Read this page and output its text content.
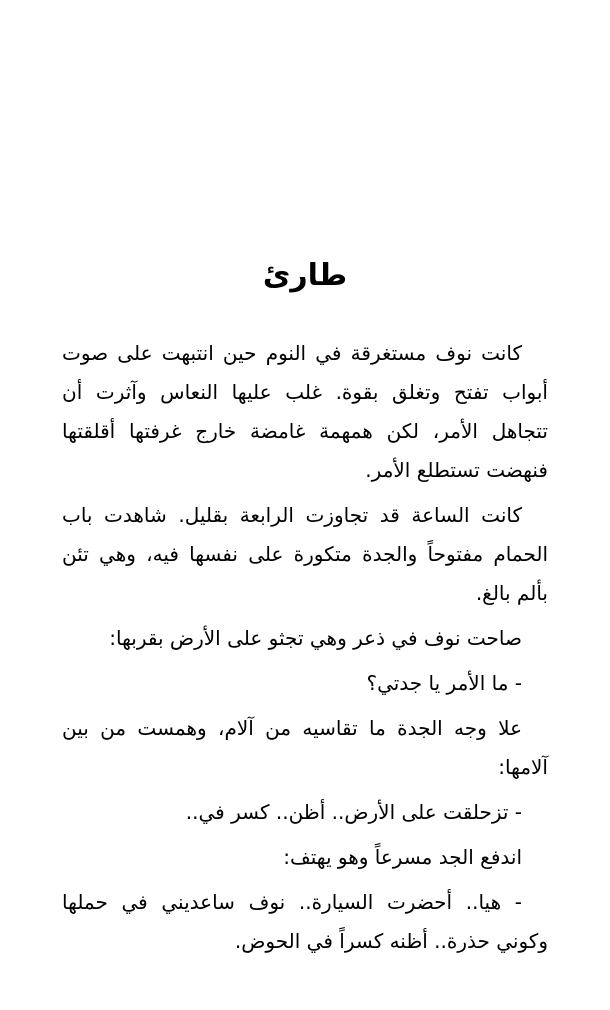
طارئ

كانت نوف مستغرقة في النوم حين انتبهت على صوت أبواب تفتح وتغلق بقوة. غلب عليها النعاس وآثرت أن تتجاهل الأمر، لكن همهمة غامضة خارج غرفتها أقلقتها فنهضت تستطلع الأمر.

كانت الساعة قد تجاوزت الرابعة بقليل. شاهدت باب الحمام مفتوحاً والجدة متكورة على نفسها فيه، وهي تئن بألم بالغ.

صاحت نوف في ذعر وهي تجثو على الأرض بقربها:

- ما الأمر يا جدتي؟

علا وجه الجدة ما تقاسيه من آلام، وهمست من بين آلامها:

- تزحلقت على الأرض.. أظن.. كسر في..

اندفع الجد مسرعاً وهو يهتف:

- هيا.. أحضرت السيارة.. نوف ساعديني في حملها وكوني حذرة.. أظنه كسراً في الحوض.
